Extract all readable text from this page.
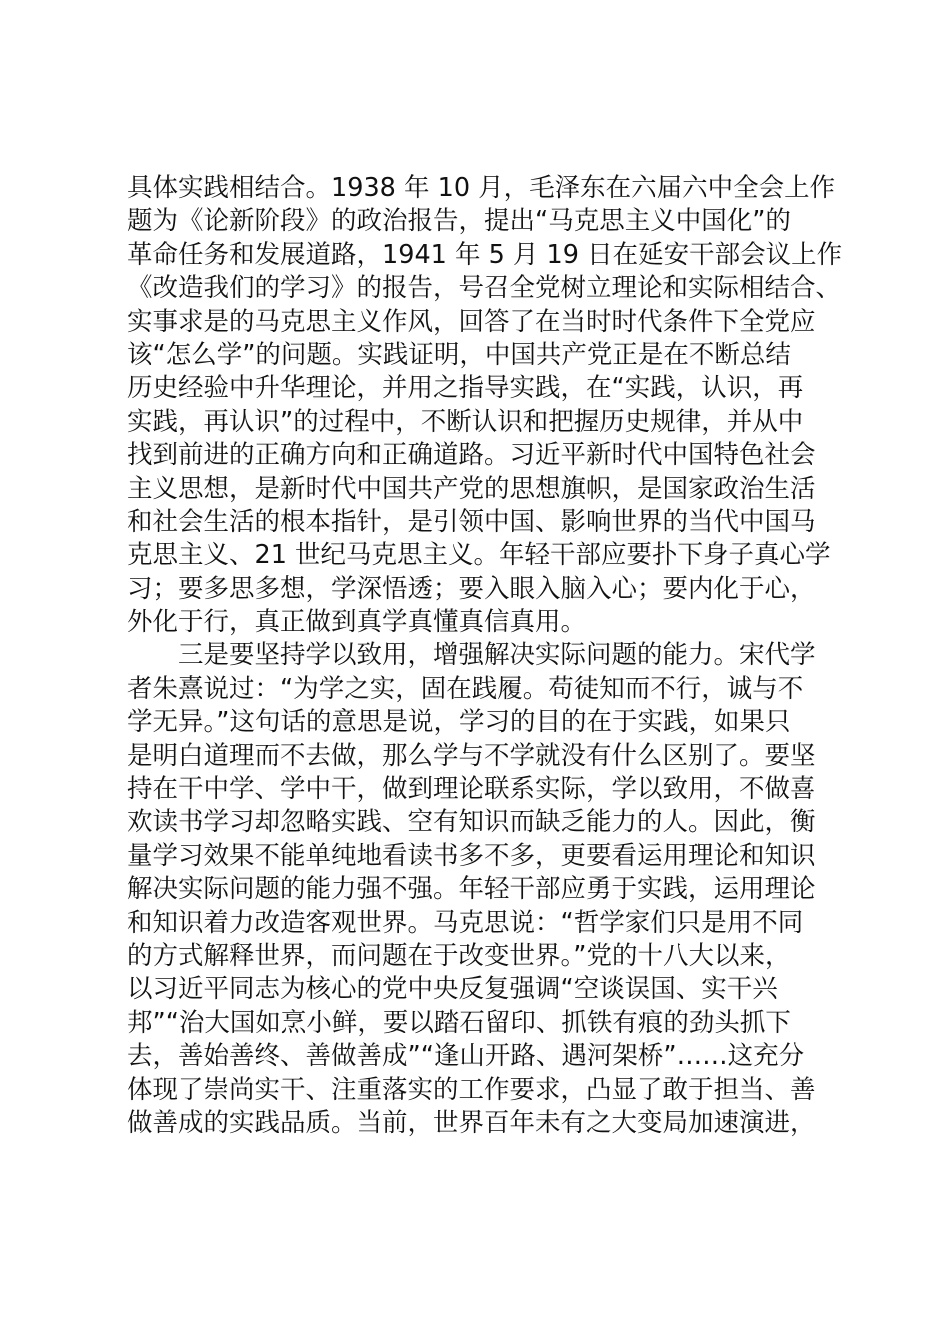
具体实践相结合。1938 年 10 月，毛泽东在六届六中全会上作
题为《论新阶段》的政治报告，提出“马克思主义中国化”的
革命任务和发展道路，1941 年 5 月 19 日在延安干部会议上作
《改造我们的学习》的报告，号召全党树立理论和实际相结合、
实事求是的马克思主义作风，回答了在当时时代条件下全党应
该“怎么学”的问题。实践证明，中国共产党正是在不断总结
历史经验中升华理论，并用之指导实践，在“实践，认识，再
实践，再认识”的过程中，不断认识和把握历史规律，并从中
找到前进的正确方向和正确道路。习近平新时代中国特色社会
主义思想，是新时代中国共产党的思想旗帜，是国家政治生活
和社会生活的根本指针，是引领中国、影响世界的当代中国马
克思主义、21 世纪马克思主义。年轻干部应要扑下身子真心学
习；要多思多想，学深悟透；要入眼入脑入心；要内化于心，
外化于行，真正做到真学真懂真信真用。
三是要坚持学以致用，增强解决实际问题的能力。宋代学
者朱熹说过：“为学之实，固在践履。苟徒知而不行，诚与不
学无异。”这句话的意思是说，学习的目的在于实践，如果只
是明白道理而不去做，那么学与不学就没有什么区别了。要坚
持在干中学、学中干，做到理论联系实际，学以致用，不做喜
欢读书学习却忽略实践、空有知识而缺乏能力的人。因此，衡
量学习效果不能单纯地看读书多不多，更要看运用理论和知识
解决实际问题的能力强不强。年轻干部应勇于实践，运用理论
和知识着力改造客观世界。马克思说：“哲学家们只是用不同
的方式解释世界，而问题在于改变世界。”党的十八大以来，
以习近平同志为核心的党中央反复强调“空谈误国、实干兴
邦”“治大国如烹小鲜，要以踏石留印、抓铁有痕的劲头抓下
去，善始善终、善做善成”“逢山开路、遇河架桥”……这充分
体现了崇尚实干、注重落实的工作要求，凸显了敢于担当、善
做善成的实践品质。当前，世界百年未有之大变局加速演进，
